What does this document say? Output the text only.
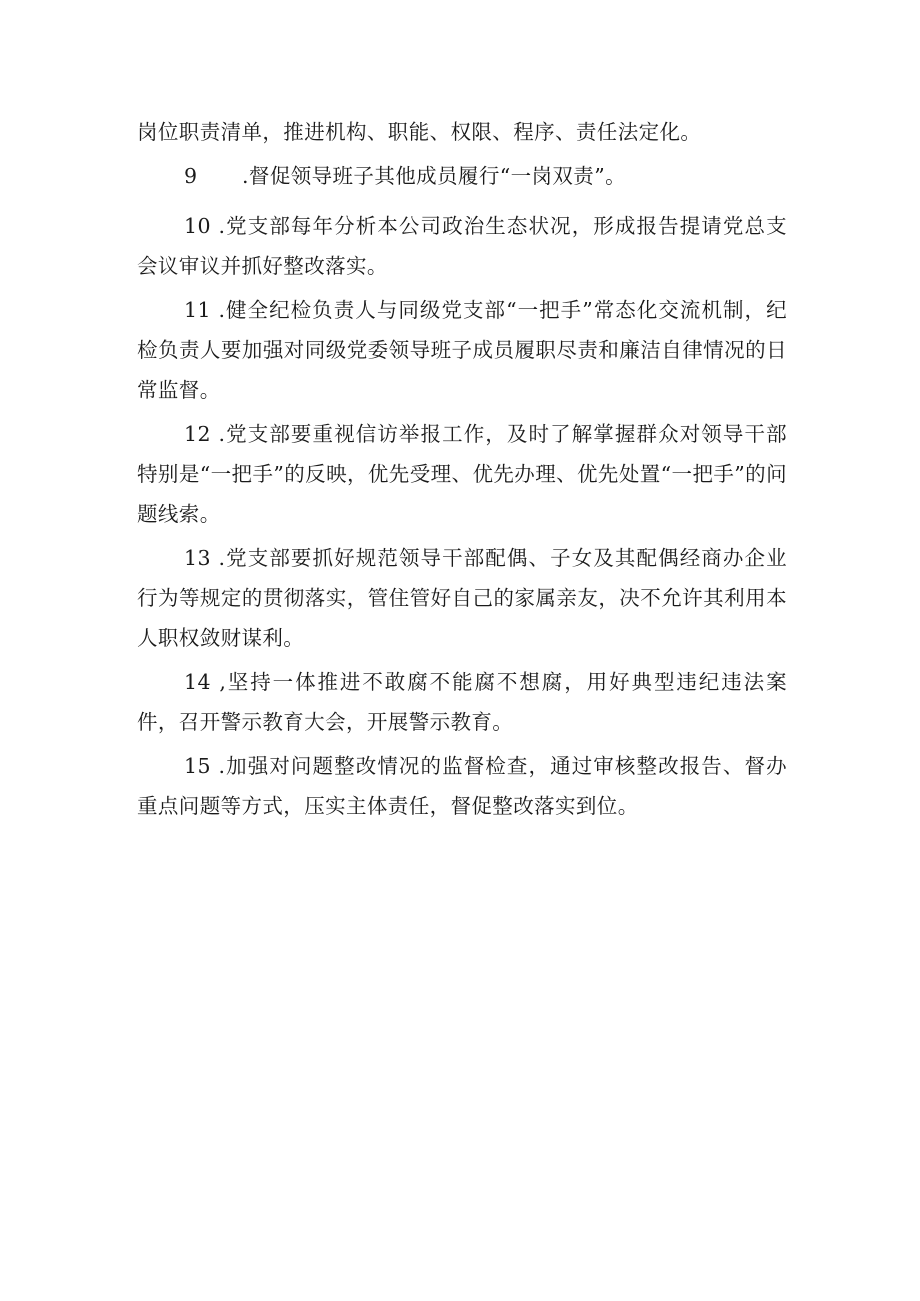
岗位职责清单，推进机构、职能、权限、程序、责任法定化。

9 .督促领导班子其他成员履行“一岗双责”。

10 .党支部每年分析本公司政治生态状况，形成报告提请党总支会议审议并抓好整改落实。

11 .健全纪检负责人与同级党支部“一把手”常态化交流机制，纪检负责人要加强对同级党委领导班子成员履职尽责和廉洁自律情况的日常监督。

12 .党支部要重视信访举报工作，及时了解掌握群众对领导干部特别是“一把手”的反映，优先受理、优先办理、优先处置“一把手”的问题线索。

13 .党支部要抓好规范领导干部配偶、子女及其配偶经商办企业行为等规定的贯彻落实，管住管好自己的家属亲友，决不允许其利用本人职权敛财谋利。

14 ,坚持一体推进不敢腐不能腐不想腐，用好典型违纪违法案件，召开警示教育大会，开展警示教育。

15 .加强对问题整改情况的监督检查，通过审核整改报告、督办重点问题等方式，压实主体责任，督促整改落实到位。
